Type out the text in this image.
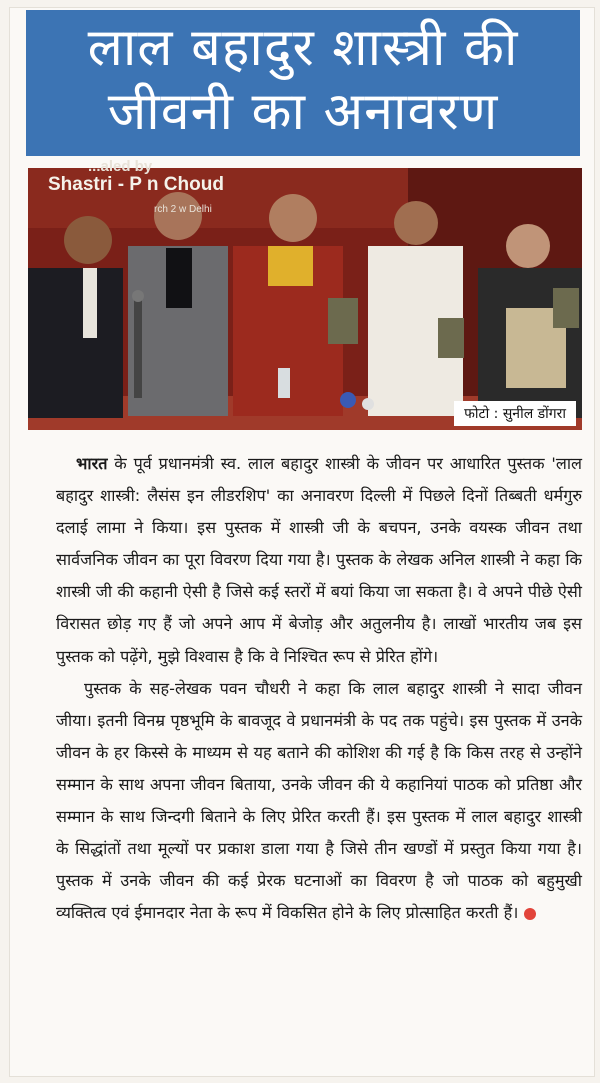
लाल बहादुर शास्त्री की
जीवनी का अनावरण
...aled by
Shastri - P n Choud
rch 2 w Delhi
फोटो : सुनील डोंगरा

भारत के पूर्व प्रधानमंत्री स्व. लाल बहादुर शास्त्री के जीवन पर आधारित पुस्तक 'लाल बहादुर शास्त्री: लैसंस इन लीडरशिप' का अनावरण दिल्ली में पिछले दिनों तिब्बती धर्मगुरु दलाई लामा ने किया। इस पुस्तक में शास्त्री जी के बचपन, उनके वयस्क जीवन तथा सार्वजनिक जीवन का पूरा विवरण दिया गया है। पुस्तक के लेखक अनिल शास्त्री ने कहा कि शास्त्री जी की कहानी ऐसी है जिसे कई स्तरों में बयां किया जा सकता है। वे अपने पीछे ऐसी विरासत छोड़ गए हैं जो अपने आप में बेजोड़ और अतुलनीय है। लाखों भारतीय जब इस पुस्तक को पढ़ेंगे, मुझे विश्वास है कि वे निश्चित रूप से प्रेरित होंगे।

पुस्तक के सह-लेखक पवन चौधरी ने कहा कि लाल बहादुर शास्त्री ने सादा जीवन जीया। इतनी विनम्र पृष्ठभूमि के बावजूद वे प्रधानमंत्री के पद तक पहुंचे। इस पुस्तक में उनके जीवन के हर किस्से के माध्यम से यह बताने की कोशिश की गई है कि किस तरह से उन्होंने सम्मान के साथ अपना जीवन बिताया, उनके जीवन की ये कहानियां पाठक को प्रतिष्ठा और सम्मान के साथ जिन्दगी बिताने के लिए प्रेरित करती हैं। इस पुस्तक में लाल बहादुर शास्त्री के सिद्धांतों तथा मूल्यों पर प्रकाश डाला गया है जिसे तीन खण्डों में प्रस्तुत किया गया है। पुस्तक में उनके जीवन की कई प्रेरक घटनाओं का विवरण है जो पाठक को बहुमुखी व्यक्तित्व एवं ईमानदार नेता के रूप में विकसित होने के लिए प्रोत्साहित करती हैं।
